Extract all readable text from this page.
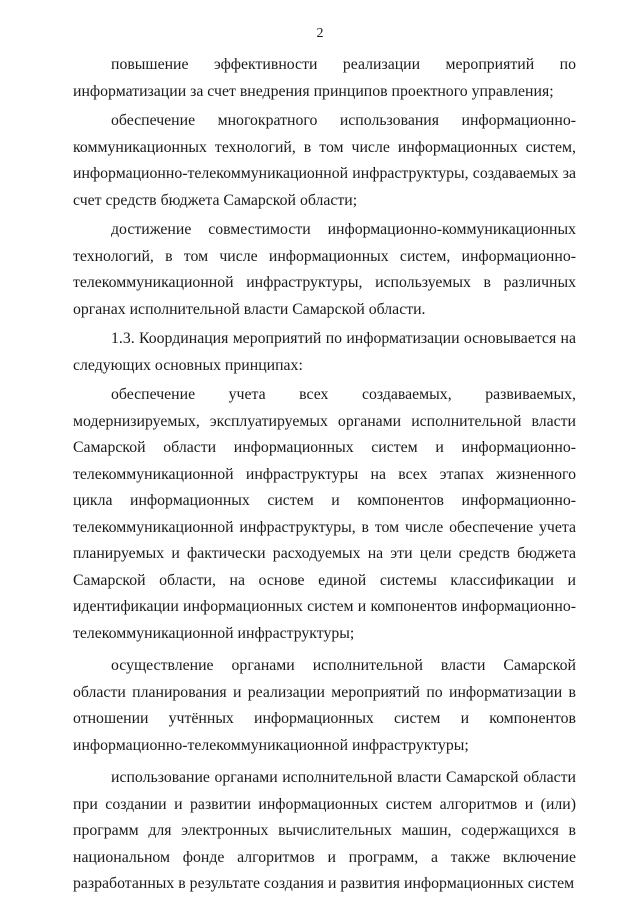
2

повышение эффективности реализации мероприятий по информатизации за счет внедрения принципов проектного управления;

обеспечение многократного использования информационно-коммуникационных технологий, в том числе информационных систем, информационно-телекоммуникационной инфраструктуры, создаваемых за счет средств бюджета Самарской области;

достижение совместимости информационно-коммуникационных технологий, в том числе информационных систем, информационно-телекоммуникационной инфраструктуры, используемых в различных органах исполнительной власти Самарской области.

1.3. Координация мероприятий по информатизации основывается на следующих основных принципах:

обеспечение учета всех создаваемых, развиваемых, модернизируемых, эксплуатируемых органами исполнительной власти Самарской области информационных систем и информационно-телекоммуникационной инфраструктуры на всех этапах жизненного цикла информационных систем и компонентов информационно-телекоммуникационной инфраструктуры, в том числе обеспечение учета планируемых и фактически расходуемых на эти цели средств бюджета Самарской области, на основе единой системы классификации и идентификации информационных систем и компонентов информационно-телекоммуникационной инфраструктуры;

осуществление органами исполнительной власти Самарской области планирования и реализации мероприятий по информатизации в отношении учтённых информационных систем и компонентов информационно-телекоммуникационной инфраструктуры;

использование органами исполнительной власти Самарской области при создании и развитии информационных систем алгоритмов и (или) программ для электронных вычислительных машин, содержащихся в национальном фонде алгоритмов и программ, а также включение разработанных в результате создания и развития информационных систем
